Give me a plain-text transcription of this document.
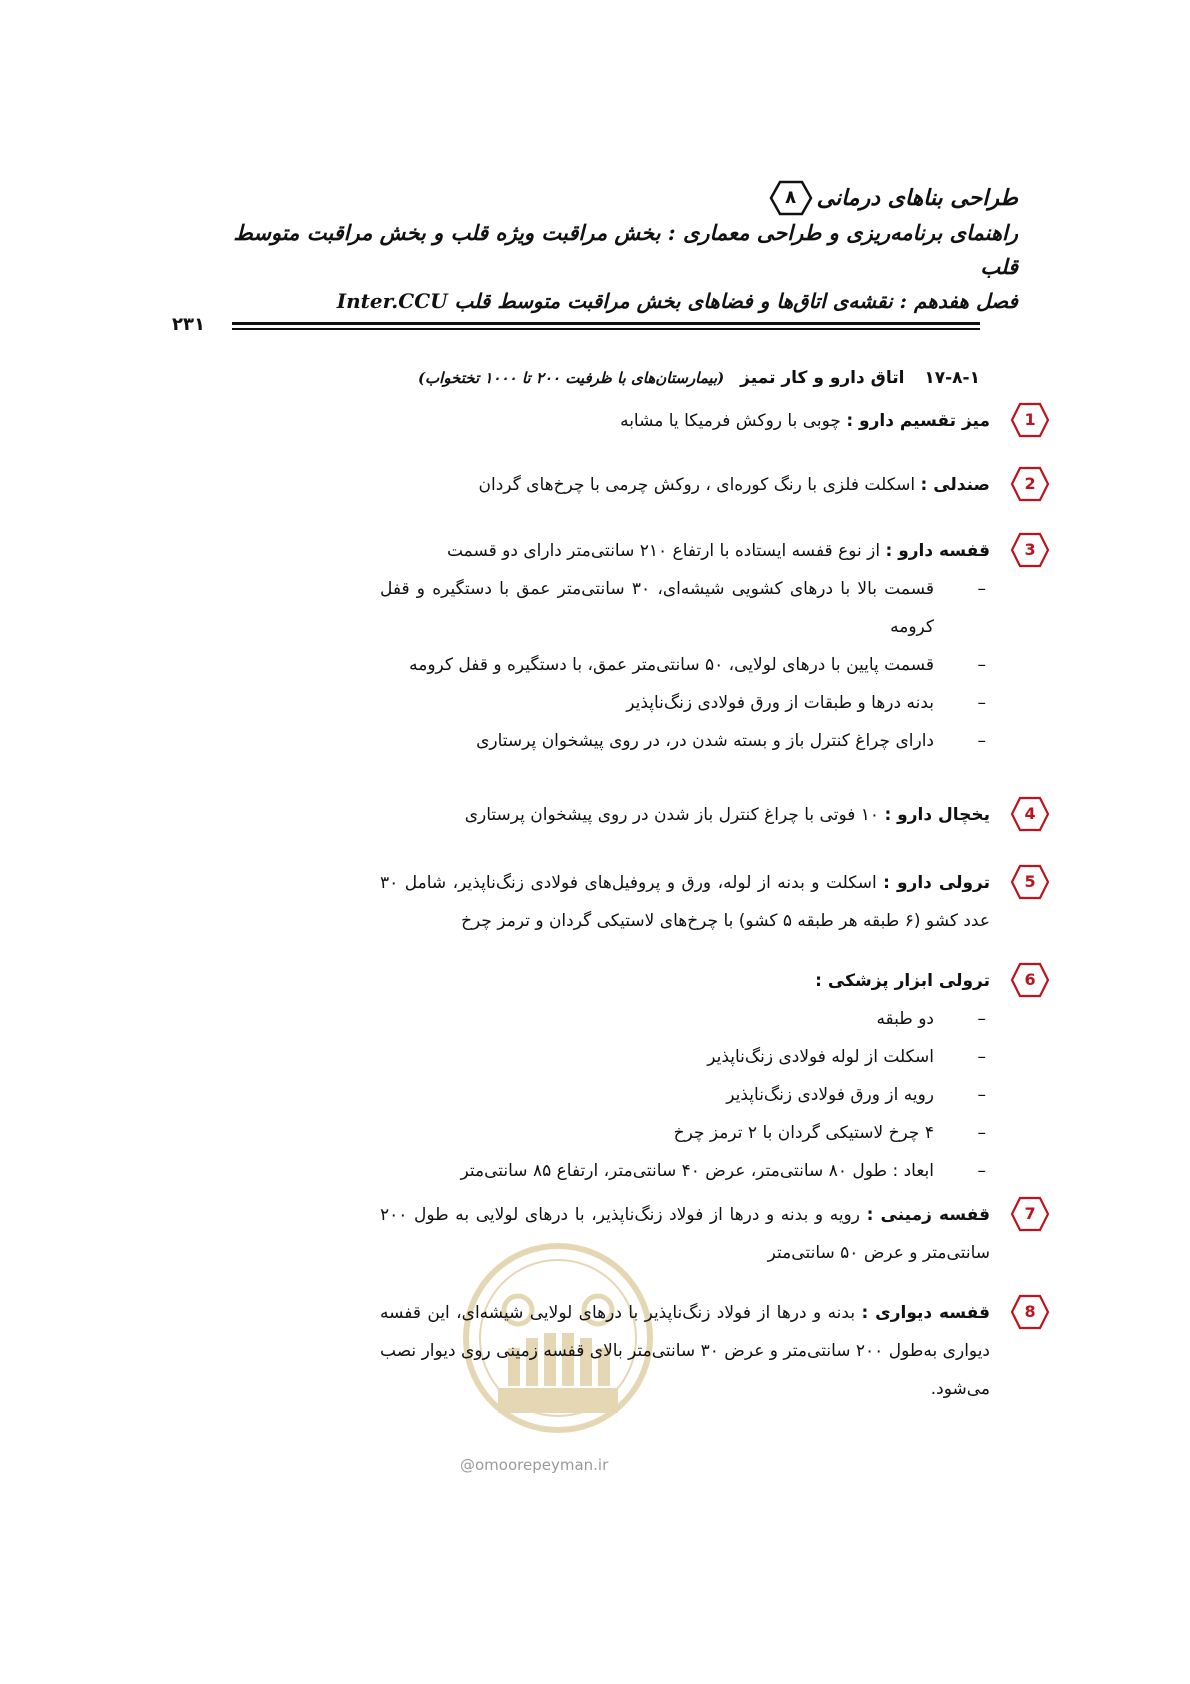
طراحی بناهای درمانی
۸
راهنمای برنامه‌ریزی و طراحی معماری : بخش مراقبت ویژه قلب و بخش مراقبت متوسط قلب
فصل هفدهم : نقشه‌ی اتاق‌ها و فضاهای بخش مراقبت متوسط قلب Inter.CCU
۲۳۱
۱۷-۸-۱ اتاق دارو و کار تمیز (بیمارستان‌های با ظرفیت ۲۰۰ تا ۱۰۰۰ تختخواب)
1
میز تقسیم دارو : چوبی با روکش فرمیکا یا مشابه
2
صندلی : اسکلت فلزی با رنگ کوره‌ای ، روکش چرمی با چرخ‌های گردان
3
قفسه دارو : از نوع قفسه ایستاده با ارتفاع ۲۱۰ سانتی‌متر دارای دو قسمت
– قسمت بالا با درهای کشویی شیشه‌ای، ۳۰ سانتی‌متر عمق با دستگیره و قفل کرومه
– قسمت پایین با درهای لولایی، ۵۰ سانتی‌متر عمق، با دستگیره و قفل کرومه
– بدنه درها و طبقات از ورق فولادی زنگ‌ناپذیر
– دارای چراغ کنترل باز و بسته شدن در، در روی پیشخوان پرستاری
4
یخچال دارو : ۱۰ فوتی با چراغ کنترل باز شدن در روی پیشخوان پرستاری
5
ترولی دارو : اسکلت و بدنه از لوله، ورق و پروفیل‌های فولادی زنگ‌ناپذیر، شامل ۳۰ عدد کشو (۶ طبقه هر طبقه ۵ کشو) با چرخ‌های لاستیکی گردان و ترمز چرخ
6
ترولی ابزار پزشکی :
– دو طبقه
– اسکلت از لوله فولادی زنگ‌ناپذیر
– رویه از ورق فولادی زنگ‌ناپذیر
– ۴ چرخ لاستیکی گردان با ۲ ترمز چرخ
– ابعاد : طول ۸۰ سانتی‌متر، عرض ۴۰ سانتی‌متر، ارتفاع ۸۵ سانتی‌متر
7
قفسه زمینی : رویه و بدنه و درها از فولاد زنگ‌ناپذیر، با درهای لولایی به طول ۲۰۰ سانتی‌متر و عرض ۵۰ سانتی‌متر
8
قفسه دیواری : بدنه و درها از فولاد زنگ‌ناپذیر با درهای لولایی شیشه‌ای، این قفسه دیواری به‌طول ۲۰۰ سانتی‌متر و عرض ۳۰ سانتی‌متر بالای قفسه زمینی روی دیوار نصب می‌شود.
@omoorepeyman.ir
